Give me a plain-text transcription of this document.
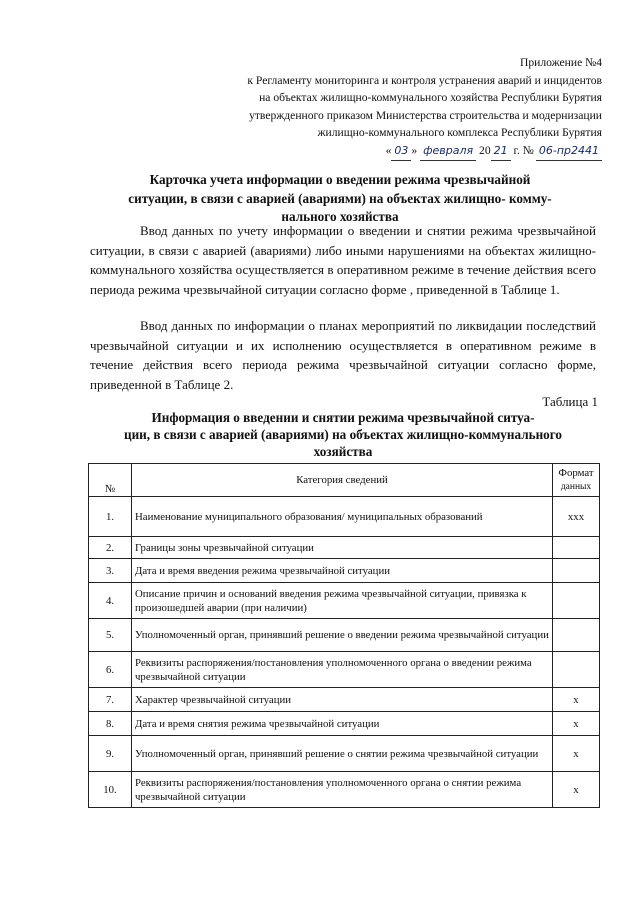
Приложение №4
к Регламенту мониторинга и контроля устранения аварий и инцидентов
на объектах жилищно-коммунального хозяйства Республики Бурятия
утвержденного приказом Министерства строительства и модернизации
жилищно-коммунального комплекса Республики Бурятия
« 03 » февраля 20 21 г. № 06-пр2441
Карточка учета информации о введении режима чрезвычайной
ситуации, в связи с аварией (авариями) на объектах жилищно- комму-
нального хозяйства
Ввод данных по учету информации о введении и снятии режима чрезвычайной ситуации, в связи с аварией (авариями) либо иными нарушениями на объектах жилищно-коммунального хозяйства осуществляется в оперативном режиме в течение действия всего периода режима чрезвычайной ситуации согласно форме , приведенной в Таблице 1.
Ввод данных по информации о планах мероприятий по ликвидации последствий чрезвычайной ситуации и их исполнению осуществляется в оперативном режиме в течение действия всего периода режима чрезвычайной ситуации согласно форме, приведенной в Таблице 2.
Таблица 1
Информация о введении и снятии режима чрезвычайной ситуа-
ции, в связи с аварией (авариями) на объектах жилищно-коммунального
хозяйства
№	Категория сведений	Формат
данных

1.	Наименование муниципального образования/ муниципальных образований	xxx
2.	Границы зоны чрезвычайной ситуации	
3.	Дата и время введения режима чрезвычайной ситуации	
4.	Описание причин и оснований введения режима чрезвычайной ситуации, привязка к произошедшей аварии (при наличии)	
5.	Уполномоченный орган, принявший решение о введении режима чрезвычайной ситуации	
6.	Реквизиты распоряжения/постановления уполномоченного органа о введении режима чрезвычайной ситуации	
7.	Характер чрезвычайной ситуации	x
8.	Дата и время снятия режима чрезвычайной ситуации	x
9.	Уполномоченный орган, принявший решение о снятии режима чрезвычайной ситуации	x
10.	Реквизиты распоряжения/постановления уполномоченного органа о снятии режима чрезвычайной ситуации	x
